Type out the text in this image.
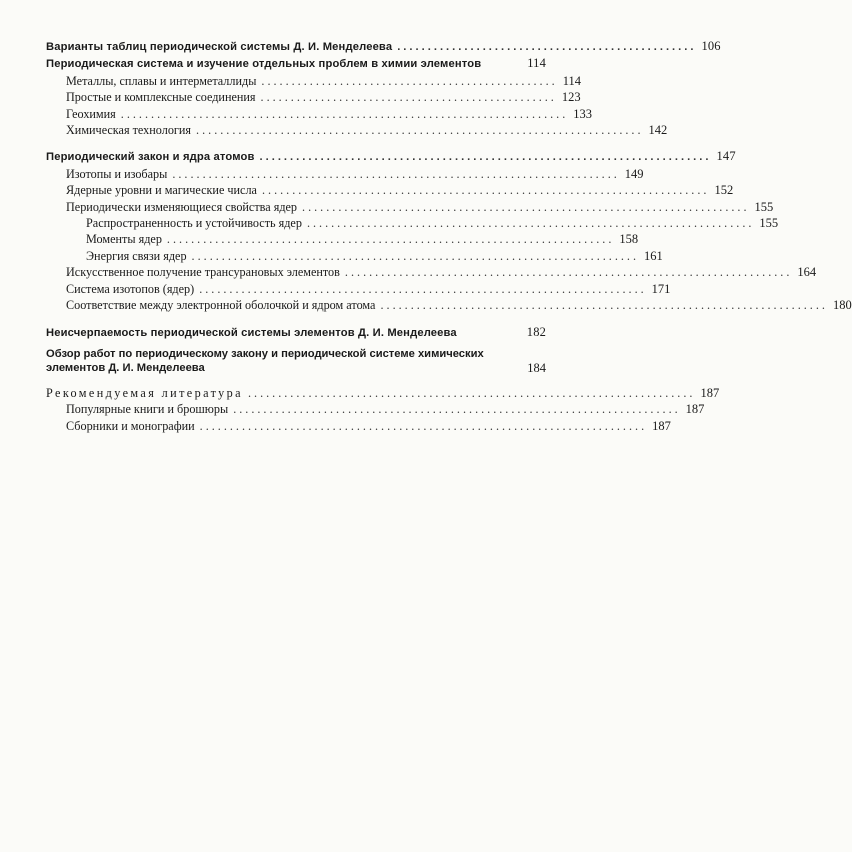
Варианты таблиц периодической системы Д. И. Менделеева ................................................. 106
Периодическая система и изучение отдельных проблем в химии элементов	114
Металлы, сплавы и интерметаллиды ................................................. 114
Простые и комплексные соединения ................................................. 123
Геохимия .......................................................................... 133
Химическая технология .......................................................................... 142
Периодический закон и ядра атомов .......................................................................... 147
Изотопы и изобары .......................................................................... 149
Ядерные уровни и магические числа .......................................................................... 152
Периодически изменяющиеся свойства ядер .......................................................................... 155
Распространенность и устойчивость ядер .......................................................................... 155
Моменты ядер .......................................................................... 158
Энергия связи ядер .......................................................................... 161
Искусственное получение трансурановых элементов .......................................................................... 164
Система изотопов (ядер) .......................................................................... 171
Соответствие между электронной оболочкой и ядром атома .......................................................................... 180
Неисчерпаемость периодической системы элементов Д. И. Менделеева	182
Обзор работ по периодическому закону и периодической системе химических элементов Д. И. Менделеева	184
Рекомендуемая литература .......................................................................... 187
Популярные книги и брошюры .......................................................................... 187
Сборники и монографии .......................................................................... 187
